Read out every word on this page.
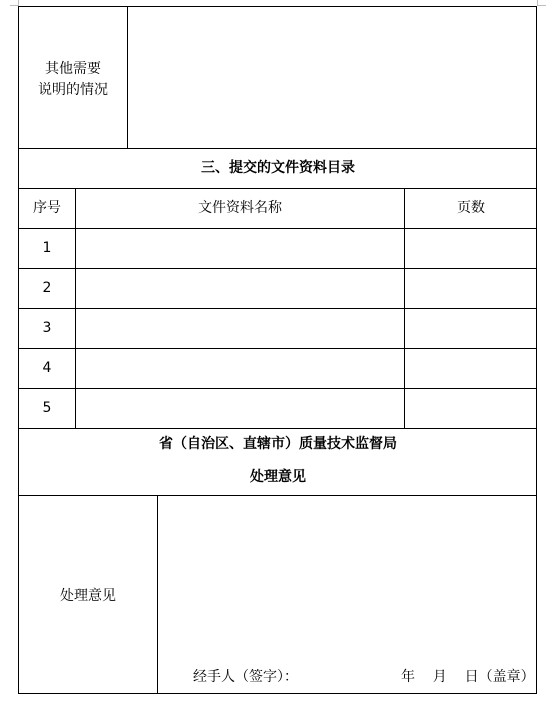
其他需要
说明的情况
三、提交的文件资料目录
序号	文件资料名称	页数
1
2
3
4
5
省（自治区、直辖市）质量技术监督局
处理意见
处理意见
经手人（签字）：	年    月    日（盖章）
